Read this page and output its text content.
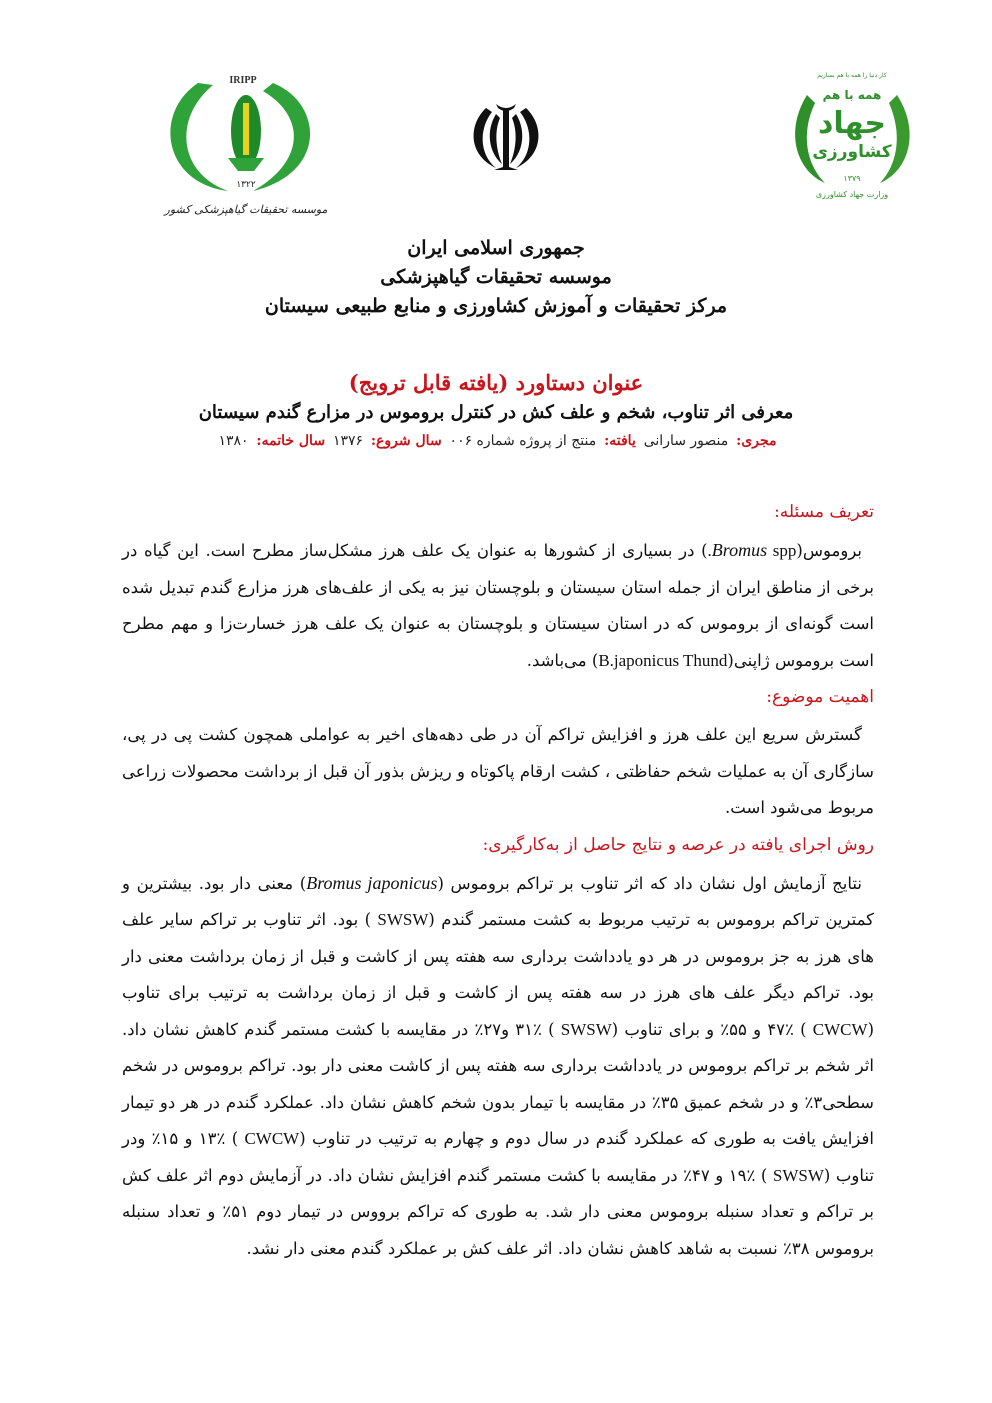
IRIPP
۱۳۲۲
موسسه تحقیقات گیاهپزشکی کشور
کار دنیا را همه با هم بسازیم
همه با هم
جهاد
کشاورزی
۱۳۷۹
وزارت جهاد کشاورزی
جمهوری اسلامی ایران
موسسه تحقیقات گیاهپزشکی
مرکز تحقیقات و آموزش کشاورزی و منابع طبیعی سیستان
عنوان دستاورد (یافته قابل ترویج)
معرفی اثر تناوب، شخم و علف کش در کنترل بروموس در مزارع گندم سیستان
مجری: منصور سارانی یافته: منتج از پروژه شماره ۰۰۶ سال شروع: ۱۳۷۶ سال خاتمه: ۱۳۸۰
تعریف مسئله:

بروموس(Bromus spp.) در بسیاری از کشورها به عنوان یک علف هرز مشکل‌ساز مطرح است. این گیاه در برخی از مناطق ایران از جمله استان سیستان و بلوچستان نیز به یکی از علف‌های هرز مزارع گندم تبدیل شده است گونه‌ای از بروموس که در استان سیستان و بلوچستان به عنوان یک علف هرز خسارت‌زا و مهم مطرح است بروموس ژاپنی(B.japonicus Thund) می‌باشد.

اهمیت موضوع:

گسترش سریع این علف هرز و افزایش تراکم آن در طی دهه‌های اخیر به عواملی همچون کشت پی در پی، سازگاری آن به عملیات شخم حفاظتی ، کشت ارقام پاکوتاه و ریزش بذور آن قبل از برداشت محصولات زراعی مربوط می‌شود است.

روش اجرای یافته در عرصه و نتایج حاصل از به‌کارگیری:

نتایج آزمایش اول نشان داد که اثر تناوب بر تراکم بروموس (Bromus japonicus) معنی دار بود. بیشترین و کمترین تراکم بروموس به ترتیب مربوط به کشت مستمر گندم (SWSW ) بود. اثر تناوب بر تراکم سایر علف های هرز به جز بروموس در هر دو یادداشت برداری سه هفته پس از کاشت و قبل از زمان برداشت معنی دار بود. تراکم دیگر علف های هرز در سه هفته پس از کاشت و قبل از زمان برداشت به ترتیب برای تناوب (CWCW ) ۴۷٪ و ۵۵٪ و برای تناوب (SWSW ) ۳۱٪ و۲۷٪ در مقایسه با کشت مستمر گندم کاهش نشان داد. اثر شخم بر تراکم بروموس در یادداشت برداری سه هفته پس از کاشت معنی دار بود. تراکم بروموس در شخم سطحی۳٪ و در شخم عمیق ۳۵٪ در مقایسه با تیمار بدون شخم کاهش نشان داد. عملکرد گندم در هر دو تیمار افزایش یافت به طوری که عملکرد گندم در سال دوم و چهارم به ترتیب در تناوب (CWCW ) ۱۳٪ و ۱۵٪ ودر تناوب (SWSW ) ۱۹٪ و ۴۷٪ در مقایسه با کشت مستمر گندم افزایش نشان داد. در آزمایش دوم اثر علف کش بر تراکم و تعداد سنبله بروموس معنی دار شد. به طوری که تراکم برووس در تیمار دوم ۵۱٪ و تعداد سنبله بروموس ۳۸٪ نسبت به شاهد کاهش نشان داد. اثر علف کش بر عملکرد گندم معنی دار نشد.
